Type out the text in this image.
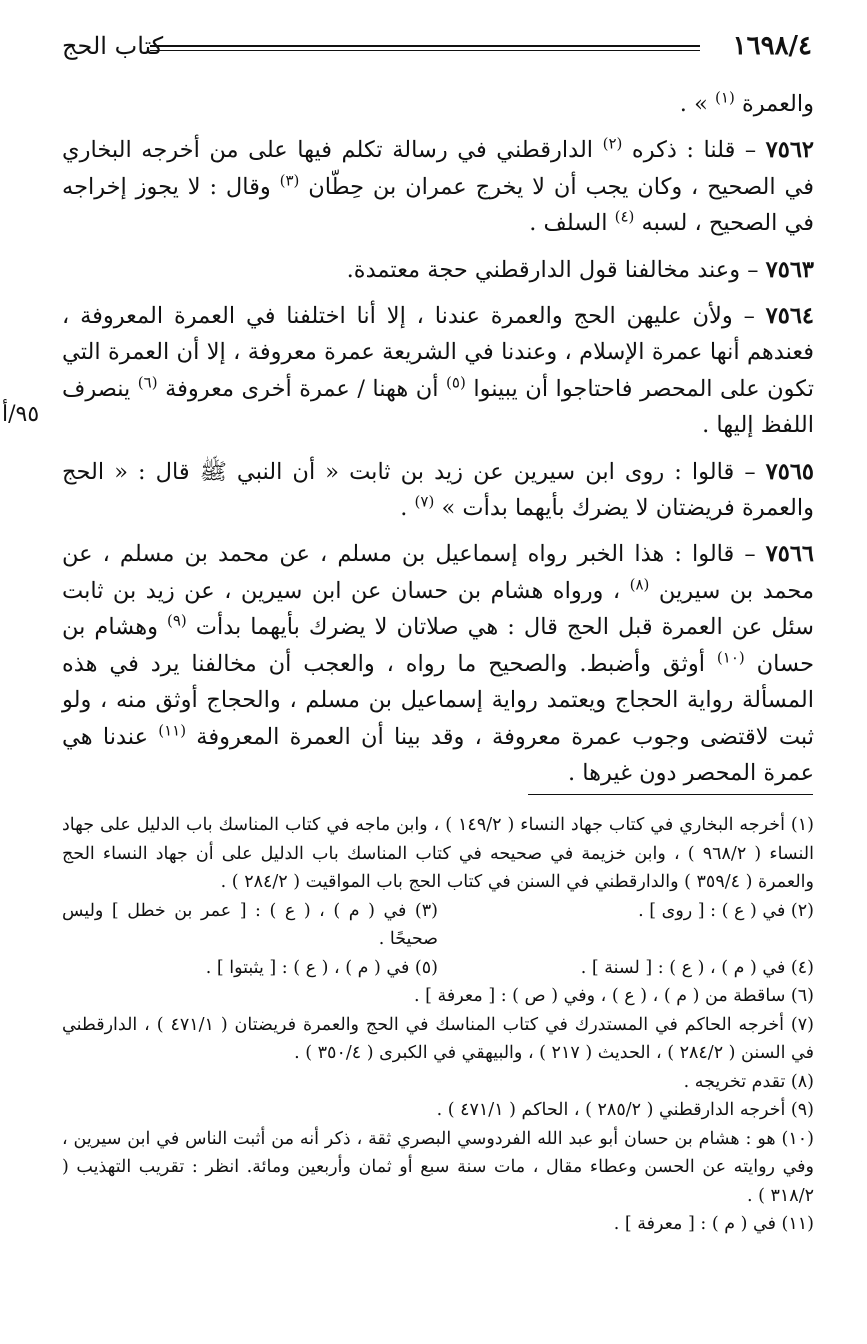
١٦٩٨/٤
كتاب الحج
٩٥/أ

والعمرة $^{(١)}$ » .

٧٥٦٢ – قلنا : ذكره $^{(٢)}$ الدارقطني في رسالة تكلم فيها على من أخرجه البخاري في الصحيح ، وكان يجب أن لا يخرج عمران بن حِطّان $^{(٣)}$ وقال : لا يجوز إخراجه في الصحيح ، لسبه $^{(٤)}$ السلف .

٧٥٦٣ – وعند مخالفنا قول الدارقطني حجة معتمدة.

٧٥٦٤ – ولأن عليهن الحج والعمرة عندنا ، إلا أنا اختلفنا في العمرة المعروفة ، فعندهم أنها عمرة الإسلام ، وعندنا في الشريعة عمرة معروفة ، إلا أن العمرة التي تكون على المحصر فاحتاجوا أن يبينوا $^{(٥)}$ أن ههنا / عمرة أخرى معروفة $^{(٦)}$ ينصرف اللفظ إليها .

٧٥٦٥ – قالوا : روى ابن سيرين عن زيد بن ثابت « أن النبي ﷺ قال : « الحج والعمرة فريضتان لا يضرك بأيهما بدأت » $^{(٧)}$ .

٧٥٦٦ – قالوا : هذا الخبر رواه إسماعيل بن مسلم ، عن محمد بن مسلم ، عن محمد بن سيرين $^{(٨)}$ ، ورواه هشام بن حسان عن ابن سيرين ، عن زيد بن ثابت سئل عن العمرة قبل الحج قال : هي صلاتان لا يضرك بأيهما بدأت $^{(٩)}$ وهشام بن حسان $^{(١٠)}$ أوثق وأضبط. والصحيح ما رواه ، والعجب أن مخالفنا يرد في هذه المسألة رواية الحجاج ويعتمد رواية إسماعيل بن مسلم ، والحجاج أوثق منه ، ولو ثبت لاقتضى وجوب عمرة معروفة ، وقد بينا أن العمرة المعروفة $^{(١١)}$ عندنا هي عمرة المحصر دون غيرها .

(١) أخرجه البخاري في كتاب جهاد النساء ( ١٤٩/٢ ) ، وابن ماجه في كتاب المناسك باب الدليل على جهاد النساء ( ٩٦٨/٢ ) ، وابن خزيمة في صحيحه في كتاب المناسك باب الدليل على أن جهاد النساء الحج والعمرة ( ٣٥٩/٤ ) والدارقطني في السنن في كتاب الحج باب المواقيت ( ٢٨٤/٢ ) .

(٢) في ( ع ) : [ روى ] .
(٣) في ( م ) ، ( ع ) : [ عمر بن خطل ] وليس صحيحًا .
(٤) في ( م ) ، ( ع ) : [ لسنة ] .
(٥) في ( م ) ، ( ع ) : [ يثبتوا ] .

(٦) ساقطة من ( م ) ، ( ع ) ، وفي ( ص ) : [ معرفة ] .

(٧) أخرجه الحاكم في المستدرك في كتاب المناسك في الحج والعمرة فريضتان ( ٤٧١/١ ) ، الدارقطني في السنن ( ٢٨٤/٢ ) ، الحديث ( ٢١٧ ) ، والبيهقي في الكبرى ( ٣٥٠/٤ ) .

(٨) تقدم تخريجه .

(٩) أخرجه الدارقطني ( ٢٨٥/٢ ) ، الحاكم ( ٤٧١/١ ) .

(١٠) هو : هشام بن حسان أبو عبد الله الفردوسي البصري ثقة ، ذكر أنه من أثبت الناس في ابن سيرين ، وفي روايته عن الحسن وعطاء مقال ، مات سنة سبع أو ثمان وأربعين ومائة. انظر : تقريب التهذيب ( ٣١٨/٢ ) .

(١١) في ( م ) : [ معرفة ] .
